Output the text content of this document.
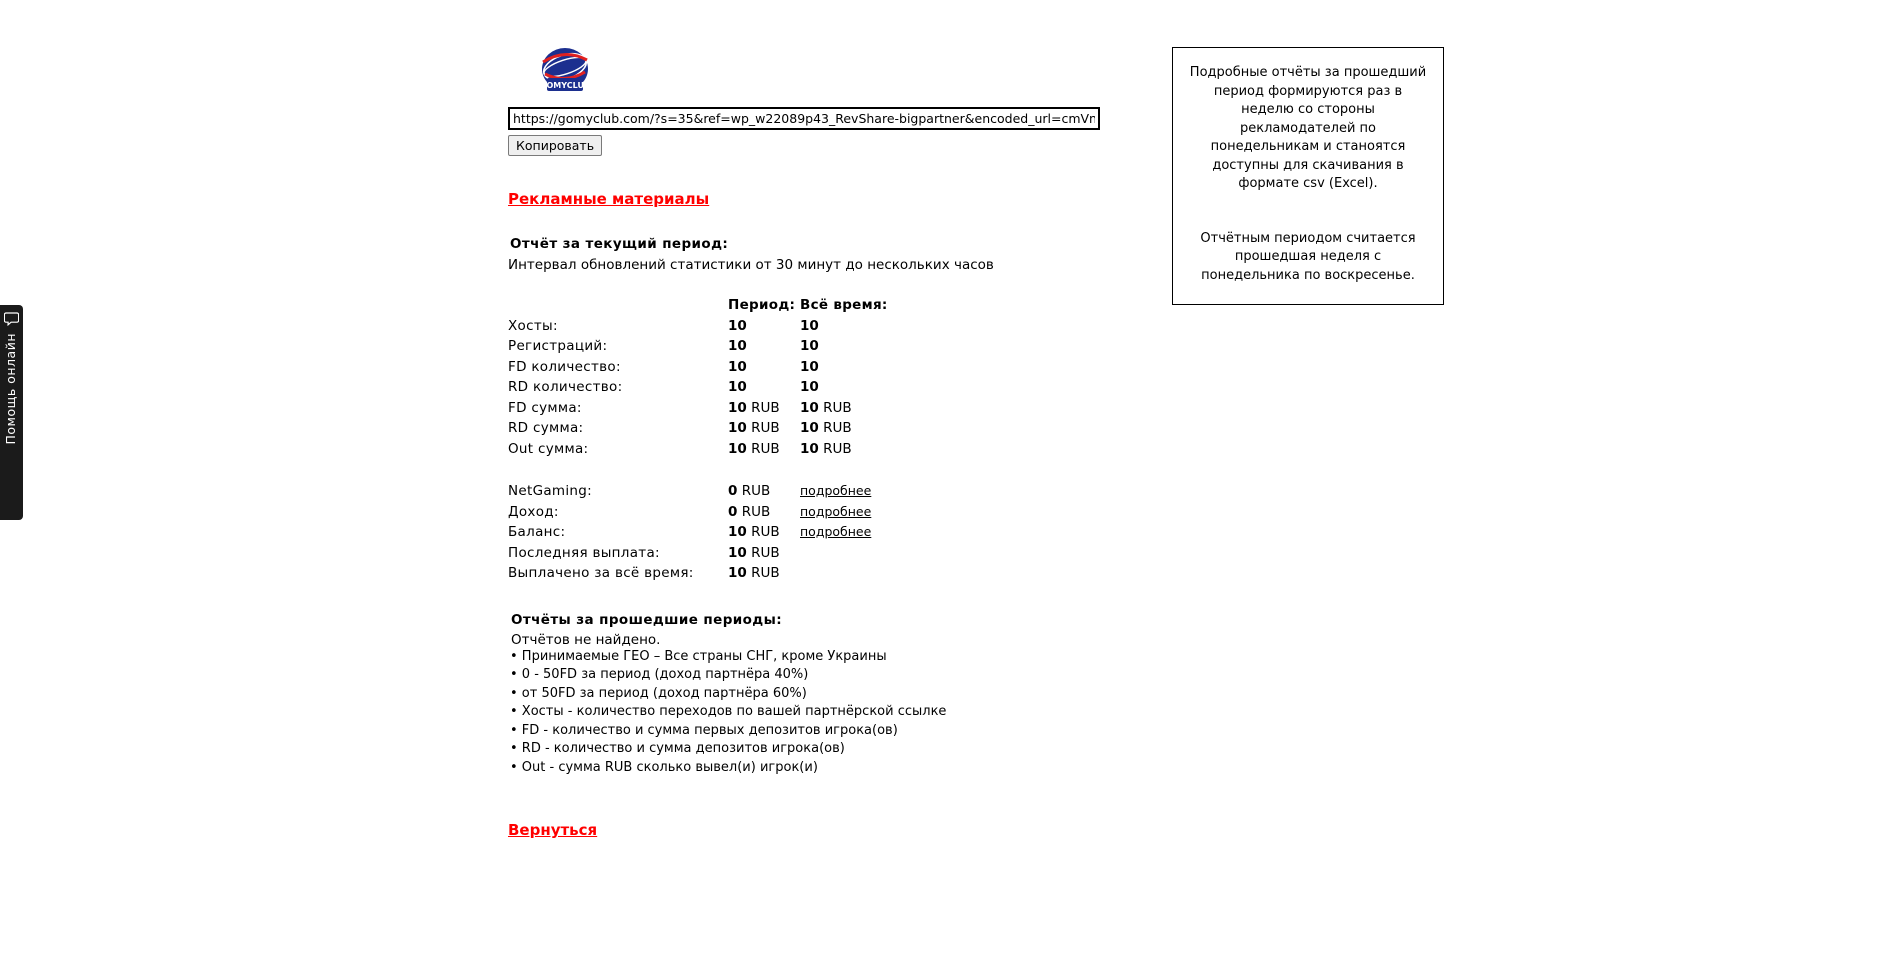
Помощь онлайн
GOMYCLUB
https://gomyclub.com/?s=35&ref=wp_w22089p43_RevShare-bigpartner&encoded_url=cmVnaXN
Копировать
Рекламные материалы
Отчёт за текущий период:
Интервал обновлений статистики от 30 минут до нескольких часов
	Период:	Всё время:
Хосты:	10	10
Регистраций:	10	10
FD количество:	10	10
RD количество:	10	10
FD сумма:	10 RUB	10 RUB
RD сумма:	10 RUB	10 RUB
Out сумма:	10 RUB	10 RUB

NetGaming:	0 RUB	подробнее
Доход:	0 RUB	подробнее
Баланс:	10 RUB	подробнее
Последняя выплата:	10 RUB	
Выплачено за всё время:	10 RUB	
Отчёты за прошедшие периоды:
Отчётов не найдено.
• Принимаемые ГЕО – Все страны СНГ, кроме Украины
• 0 - 50FD за период (доход партнёра 40%)
• от 50FD за период (доход партнёра 60%)
• Хосты - количество переходов по вашей партнёрской ссылке
• FD - количество и сумма первых депозитов игрока(ов)
• RD - количество и сумма депозитов игрока(ов)
• Out - сумма RUB сколько вывел(и) игрок(и)
Вернуться

Подробные отчёты за прошедший период формируются раз в неделю со стороны рекламодателей по понедельникам и станоятся доступны для скачивания в формате csv (Excel).

Отчётным периодом считается прошедшая неделя с понедельника по воскресенье.
